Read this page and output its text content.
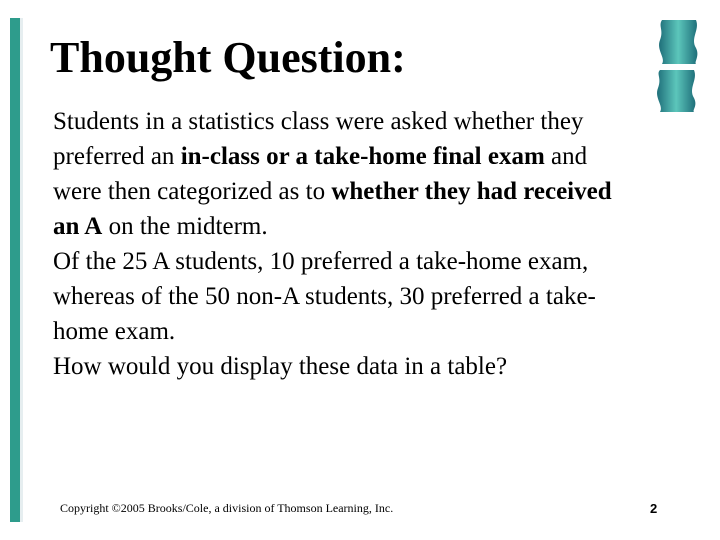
Thought Question:

Students in a statistics class were asked whether they preferred an in-class or a take-home final exam and were then categorized as to whether they had received an A on the midterm.

Of the 25 A students, 10 preferred a take-home exam, whereas of the 50 non-A students, 30 preferred a take-home exam.

How would you display these data in a table?

Copyright ©2005 Brooks/Cole, a division of Thomson Learning, Inc.	2
